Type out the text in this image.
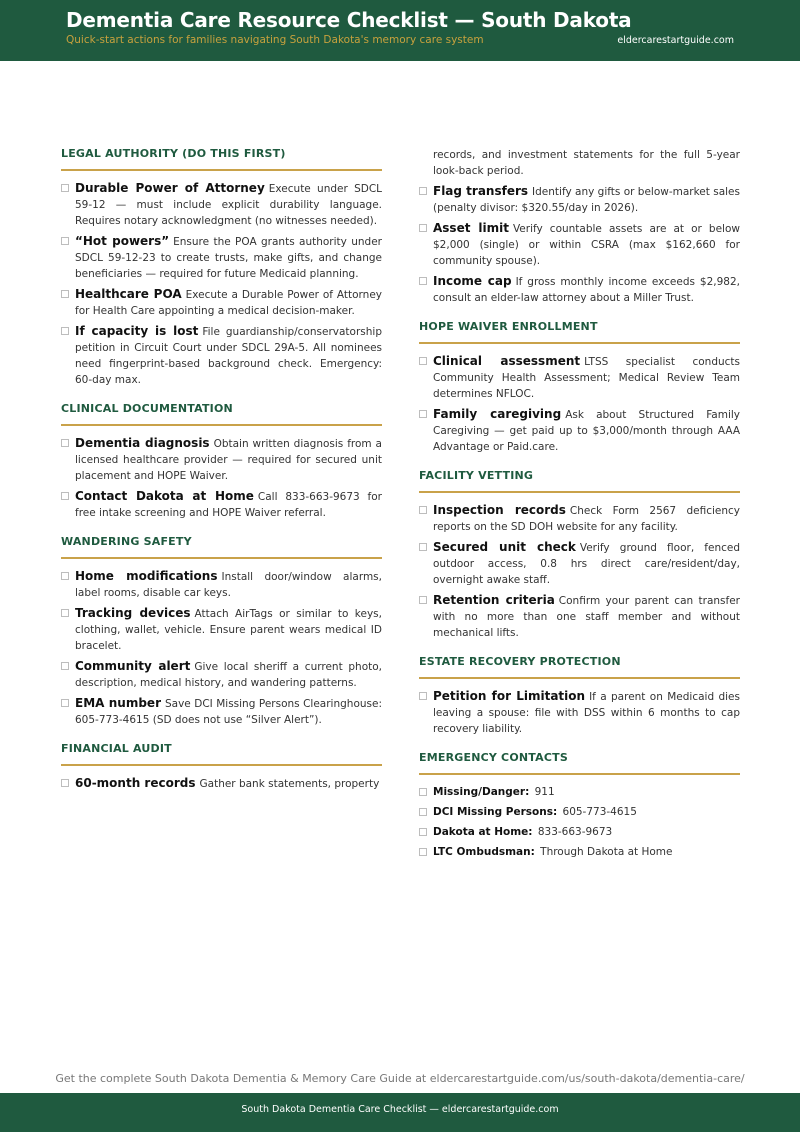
Dementia Care Resource Checklist — South Dakota
Quick-start actions for families navigating South Dakota's memory care system	eldercarestartguide.com
LEGAL AUTHORITY (DO THIS FIRST)
Durable Power of Attorney Execute under SDCL 59-12 — must include explicit durability language. Requires notary acknowledgment (no witnesses needed).
“Hot powers” Ensure the POA grants authority under SDCL 59-12-23 to create trusts, make gifts, and change beneficiaries — required for future Medicaid planning.
Healthcare POA Execute a Durable Power of Attorney for Health Care appointing a medical decision-maker.
If capacity is lost File guardianship/conservatorship petition in Circuit Court under SDCL 29A-5. All nominees need fingerprint-based background check. Emergency: 60-day max.
CLINICAL DOCUMENTATION
Dementia diagnosis Obtain written diagnosis from a licensed healthcare provider — required for secured unit placement and HOPE Waiver.
Contact Dakota at Home Call 833-663-9673 for free intake screening and HOPE Waiver referral.
WANDERING SAFETY
Home modifications Install door/window alarms, label rooms, disable car keys.
Tracking devices Attach AirTags or similar to keys, clothing, wallet, vehicle. Ensure parent wears medical ID bracelet.
Community alert Give local sheriff a current photo, description, medical history, and wandering patterns.
EMA number Save DCI Missing Persons Clearinghouse: 605-773-4615 (SD does not use “Silver Alert”).
FINANCIAL AUDIT
60-month records Gather bank statements, property
records, and investment statements for the full 5-year look-back period.
Flag transfers Identify any gifts or below-market sales (penalty divisor: $320.55/day in 2026).
Asset limit Verify countable assets are at or below $2,000 (single) or within CSRA (max $162,660 for community spouse).
Income cap If gross monthly income exceeds $2,982, consult an elder-law attorney about a Miller Trust.
HOPE WAIVER ENROLLMENT
Clinical assessment LTSS specialist conducts Community Health Assessment; Medical Review Team determines NFLOC.
Family caregiving Ask about Structured Family Caregiving — get paid up to $3,000/month through AAA Advantage or Paid.care.
FACILITY VETTING
Inspection records Check Form 2567 deficiency reports on the SD DOH website for any facility.
Secured unit check Verify ground floor, fenced outdoor access, 0.8 hrs direct care/resident/day, overnight awake staff.
Retention criteria Confirm your parent can transfer with no more than one staff member and without mechanical lifts.
ESTATE RECOVERY PROTECTION
Petition for Limitation If a parent on Medicaid dies leaving a spouse: file with DSS within 6 months to cap recovery liability.
EMERGENCY CONTACTS
Missing/Danger: 911
DCI Missing Persons: 605-773-4615
Dakota at Home: 833-663-9673
LTC Ombudsman: Through Dakota at Home
Get the complete South Dakota Dementia & Memory Care Guide at eldercarestartguide.com/us/south-dakota/dementia-care/
South Dakota Dementia Care Checklist — eldercarestartguide.com
